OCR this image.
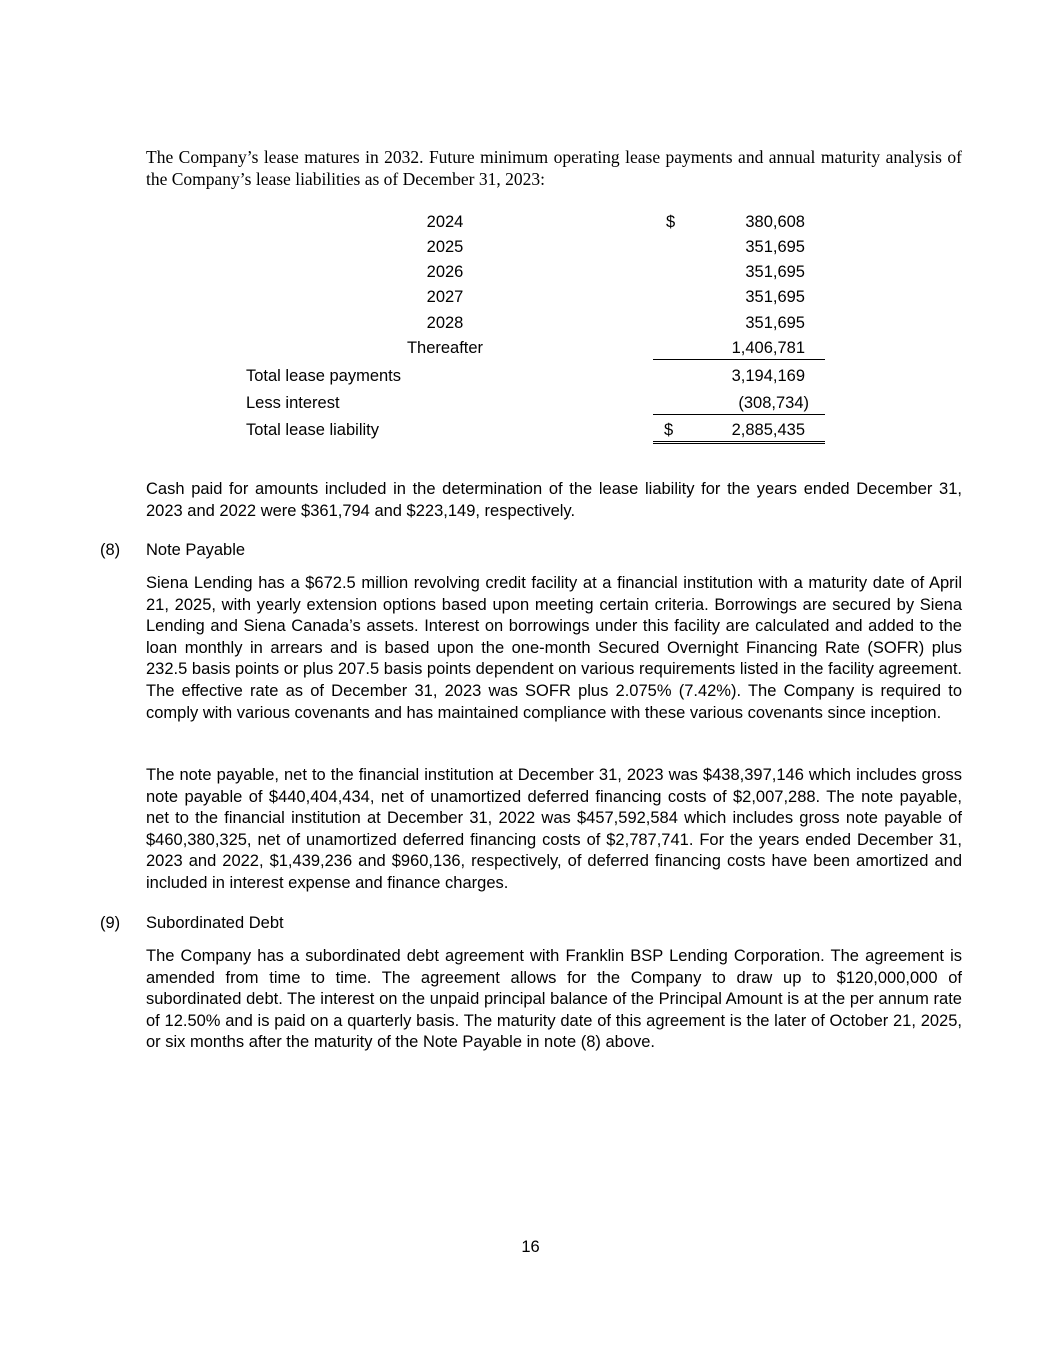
The Company’s lease matures in 2032. Future minimum operating lease payments and annual maturity analysis of the Company’s lease liabilities as of December 31, 2023:

2024	$	380,608
2025	351,695
2026	351,695
2027	351,695
2028	351,695
Thereafter	1,406,781
Total lease payments	3,194,169
Less interest	(308,734)
Total lease liability	$	2,885,435

Cash paid for amounts included in the determination of the lease liability for the years ended December 31, 2023 and 2022 were $361,794 and $223,149, respectively.

(8) Note Payable

Siena Lending has a $672.5 million revolving credit facility at a financial institution with a maturity date of April 21, 2025, with yearly extension options based upon meeting certain criteria. Borrowings are secured by Siena Lending and Siena Canada’s assets. Interest on borrowings under this facility are calculated and added to the loan monthly in arrears and is based upon the one-month Secured Overnight Financing Rate (SOFR) plus 232.5 basis points or plus 207.5 basis points dependent on various requirements listed in the facility agreement. The effective rate as of December 31, 2023 was SOFR plus 2.075% (7.42%). The Company is required to comply with various covenants and has maintained compliance with these various covenants since inception.

The note payable, net to the financial institution at December 31, 2023 was $438,397,146 which includes gross note payable of $440,404,434, net of unamortized deferred financing costs of $2,007,288. The note payable, net to the financial institution at December 31, 2022 was $457,592,584 which includes gross note payable of $460,380,325, net of unamortized deferred financing costs of $2,787,741. For the years ended December 31, 2023 and 2022, $1,439,236 and $960,136, respectively, of deferred financing costs have been amortized and included in interest expense and finance charges.

(9) Subordinated Debt

The Company has a subordinated debt agreement with Franklin BSP Lending Corporation. The agreement is amended from time to time. The agreement allows for the Company to draw up to $120,000,000 of subordinated debt. The interest on the unpaid principal balance of the Principal Amount is at the per annum rate of 12.50% and is paid on a quarterly basis. The maturity date of this agreement is the later of October 21, 2025, or six months after the maturity of the Note Payable in note (8) above.

16
